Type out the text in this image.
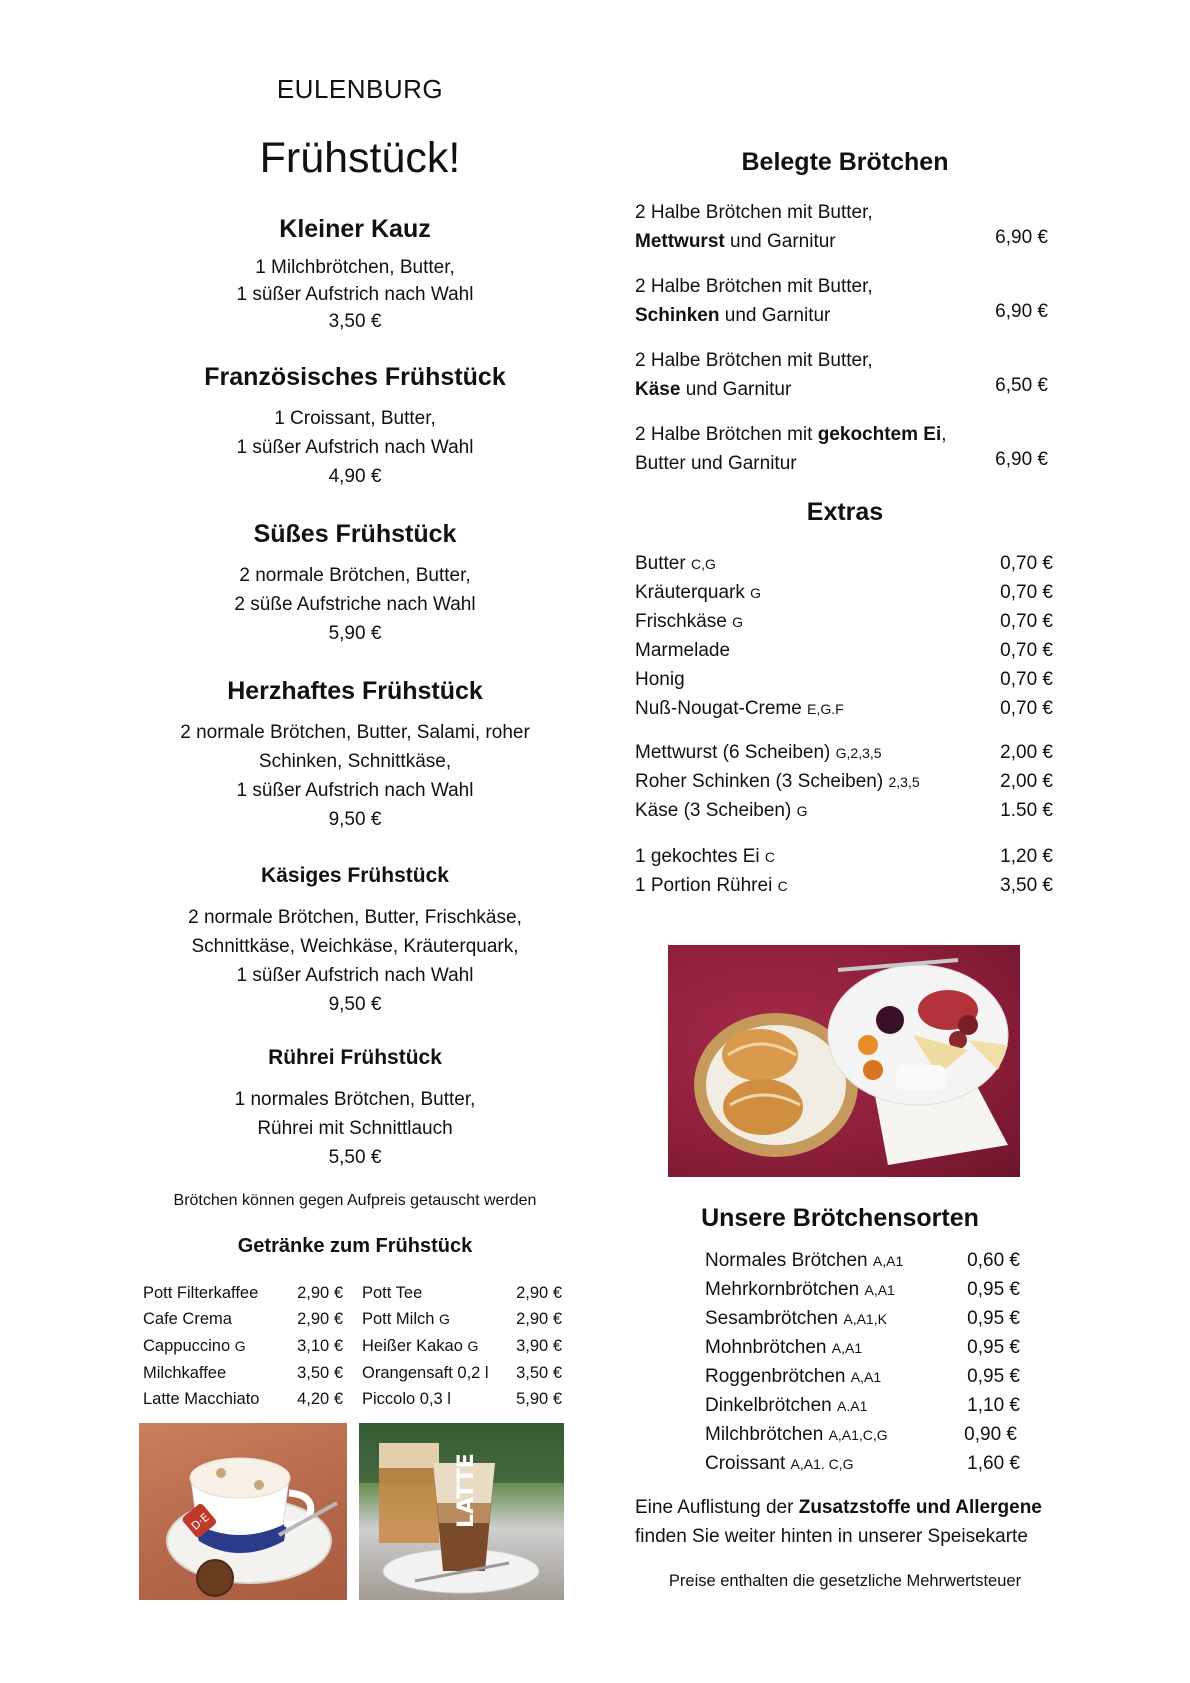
EULENBURG
Frühstück!
Kleiner Kauz
1 Milchbrötchen, Butter,
1 süßer Aufstrich nach Wahl
3,50 €
Französisches Frühstück
1 Croissant, Butter,
1 süßer Aufstrich nach Wahl
4,90 €
Süßes Frühstück
2 normale Brötchen, Butter,
2 süße Aufstriche nach Wahl
5,90 €
Herzhaftes Frühstück
2 normale Brötchen, Butter, Salami, roher
Schinken, Schnittkäse,
1 süßer Aufstrich nach Wahl
9,50 €
Käsiges Frühstück
2 normale Brötchen, Butter, Frischkäse,
Schnittkäse, Weichkäse, Kräuterquark,
1 süßer Aufstrich nach Wahl
9,50 €
Rührei Frühstück
1 normales Brötchen, Butter,
Rührei mit Schnittlauch
5,50 €
Brötchen können gegen Aufpreis getauscht werden
Getränke zum Frühstück
Pott Filterkaffee 2,90 €
Cafe Crema	2,90 €
Cappuccino G	3,10 €
Milchkaffee	3,50 €
Latte Macchiato 4,20 €
Pott Tee	2,90 €
Pott Milch G	2,90 €
Heißer Kakao G 3,90 €
Orangensaft 0,2 l 3,50 €
Piccolo 0,3 l	5,90 €
D·E	LATTE
Belegte Brötchen
2 Halbe Brötchen mit Butter,
Mettwurst und Garnitur	6,90 €
2 Halbe Brötchen mit Butter,
Schinken und Garnitur	6,90 €
2 Halbe Brötchen mit Butter,
Käse und Garnitur	6,50 €
2 Halbe Brötchen mit gekochtem Ei,
Butter und Garnitur	6,90 €
Extras
Butter C,G	0,70 €
Kräuterquark G	0,70 €
Frischkäse G	0,70 €
Marmelade	0,70 €
Honig	0,70 €
Nuß-Nougat-Creme E,G.F	0,70 €
Mettwurst (6 Scheiben) G,2,3,5	2,00 €
Roher Schinken (3 Scheiben) 2,3,5	2,00 €
Käse (3 Scheiben) G	1.50 €
1 gekochtes Ei C	1,20 €
1 Portion Rührei C	3,50 €
Unsere Brötchensorten
Normales Brötchen A,A1	0,60 €
Mehrkornbrötchen A,A1	0,95 €
Sesambrötchen A,A1,K	0,95 €
Mohnbrötchen A,A1	0,95 €
Roggenbrötchen A,A1	0,95 €
Dinkelbrötchen A.A1	1,10 €
Milchbrötchen A,A1,C,G	0,90 €
Croissant A,A1. C,G	1,60 €
Eine Auflistung der Zusatzstoffe und Allergene
finden Sie weiter hinten in unserer Speisekarte
Preise enthalten die gesetzliche Mehrwertsteuer
